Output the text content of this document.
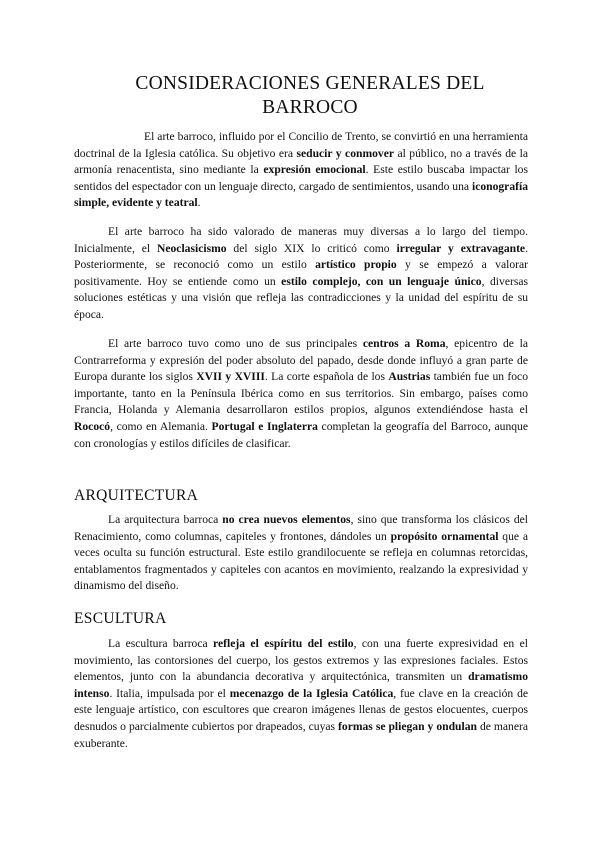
CONSIDERACIONES GENERALES DEL
BARROCO
El arte barroco, influido por el Concilio de Trento, se convirtió en una herramienta doctrinal de la Iglesia católica. Su objetivo era seducir y conmover al público, no a través de la armonía renacentista, sino mediante la expresión emocional. Este estilo buscaba impactar los sentidos del espectador con un lenguaje directo, cargado de sentimientos, usando una iconografía simple, evidente y teatral.
El arte barroco ha sido valorado de maneras muy diversas a lo largo del tiempo. Inicialmente, el Neoclasicismo del siglo XIX lo criticó como irregular y extravagante. Posteriormente, se reconoció como un estilo artístico propio y se empezó a valorar positivamente. Hoy se entiende como un estilo complejo, con un lenguaje único, diversas soluciones estéticas y una visión que refleja las contradicciones y la unidad del espíritu de su época.
El arte barroco tuvo como uno de sus principales centros a Roma, epicentro de la Contrarreforma y expresión del poder absoluto del papado, desde donde influyó a gran parte de Europa durante los siglos XVII y XVIII. La corte española de los Austrias también fue un foco importante, tanto en la Península Ibérica como en sus territorios. Sin embargo, países como Francia, Holanda y Alemania desarrollaron estilos propios, algunos extendiéndose hasta el Rococó, como en Alemania. Portugal e Inglaterra completan la geografía del Barroco, aunque con cronologías y estilos difíciles de clasificar.
ARQUITECTURA
La arquitectura barroca no crea nuevos elementos, sino que transforma los clásicos del Renacimiento, como columnas, capiteles y frontones, dándoles un propósito ornamental que a veces oculta su función estructural. Este estilo grandilocuente se refleja en columnas retorcidas, entablamentos fragmentados y capiteles con acantos en movimiento, realzando la expresividad y dinamismo del diseño.
ESCULTURA
La escultura barroca refleja el espíritu del estilo, con una fuerte expresividad en el movimiento, las contorsiones del cuerpo, los gestos extremos y las expresiones faciales. Estos elementos, junto con la abundancia decorativa y arquitectónica, transmiten un dramatismo intenso. Italia, impulsada por el mecenazgo de la Iglesia Católica, fue clave en la creación de este lenguaje artístico, con escultores que crearon imágenes llenas de gestos elocuentes, cuerpos desnudos o parcialmente cubiertos por drapeados, cuyas formas se pliegan y ondulan de manera exuberante.
